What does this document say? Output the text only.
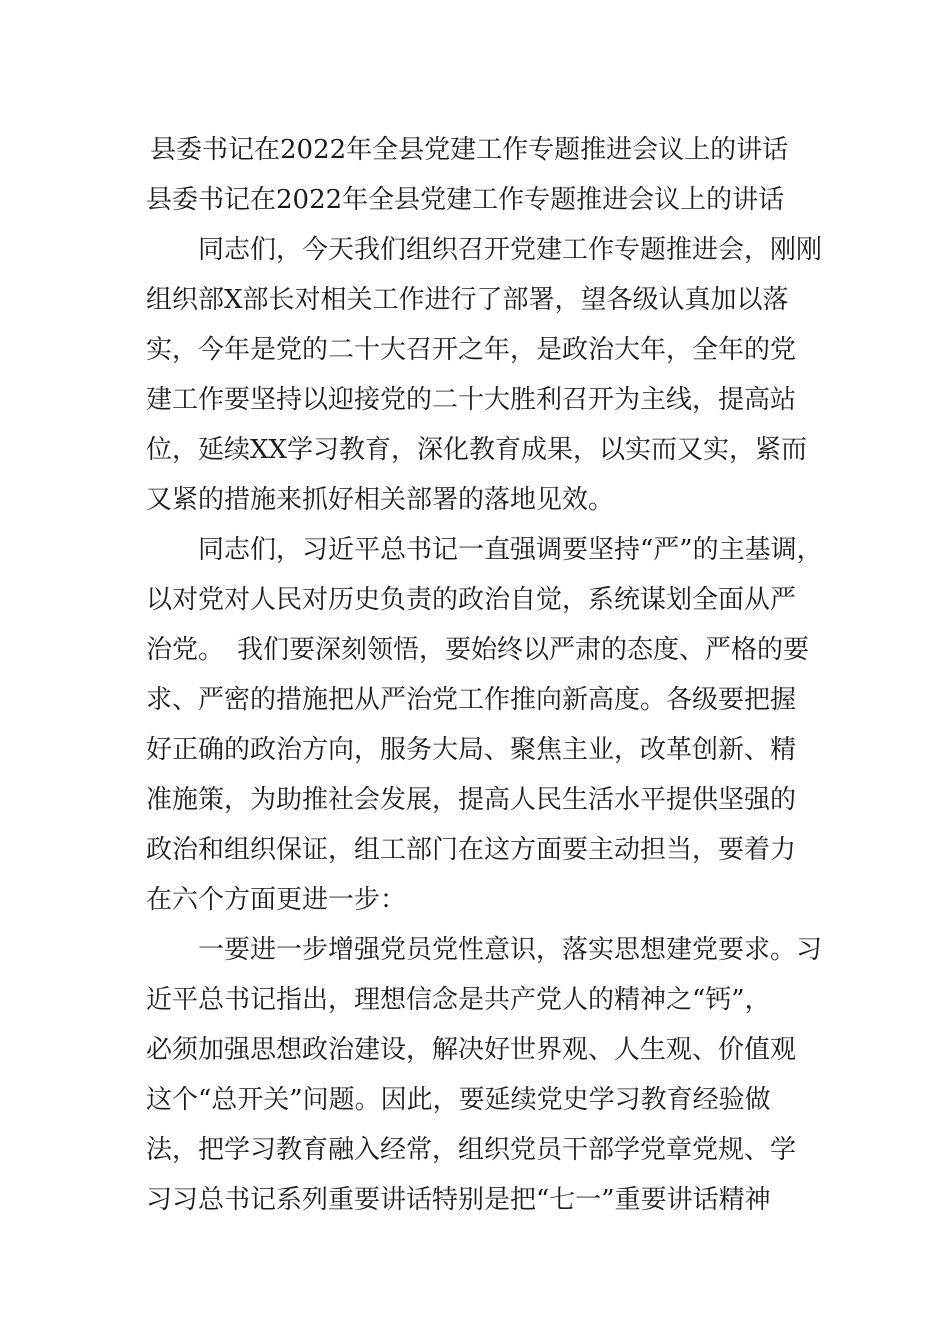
县委书记在2022年全县党建工作专题推进会议上的讲话
县委书记在2022年全县党建工作专题推进会议上的讲话
　　同志们，今天我们组织召开党建工作专题推进会，刚刚
组织部X部长对相关工作进行了部署，望各级认真加以落
实，今年是党的二十大召开之年，是政治大年，全年的党
建工作要坚持以迎接党的二十大胜利召开为主线，提高站
位，延续XX学习教育，深化教育成果，以实而又实，紧而
又紧的措施来抓好相关部署的落地见效。
　　同志们，习近平总书记一直强调要坚持“严”的主基调，
以对党对人民对历史负责的政治自觉，系统谋划全面从严
治党。　我们要深刻领悟，要始终以严肃的态度、严格的要
求、严密的措施把从严治党工作推向新高度。各级要把握
好正确的政治方向，服务大局、聚焦主业，改革创新、精
准施策，为助推社会发展，提高人民生活水平提供坚强的
政治和组织保证，组工部门在这方面要主动担当，要着力
在六个方面更进一步：
　　一要进一步增强党员党性意识，落实思想建党要求。习
近平总书记指出，理想信念是共产党人的精神之“钙”，
必须加强思想政治建设，解决好世界观、人生观、价值观
这个“总开关”问题。因此，要延续党史学习教育经验做
法，把学习教育融入经常，组织党员干部学党章党规、学
习习总书记系列重要讲话特别是把“七一”重要讲话精神
